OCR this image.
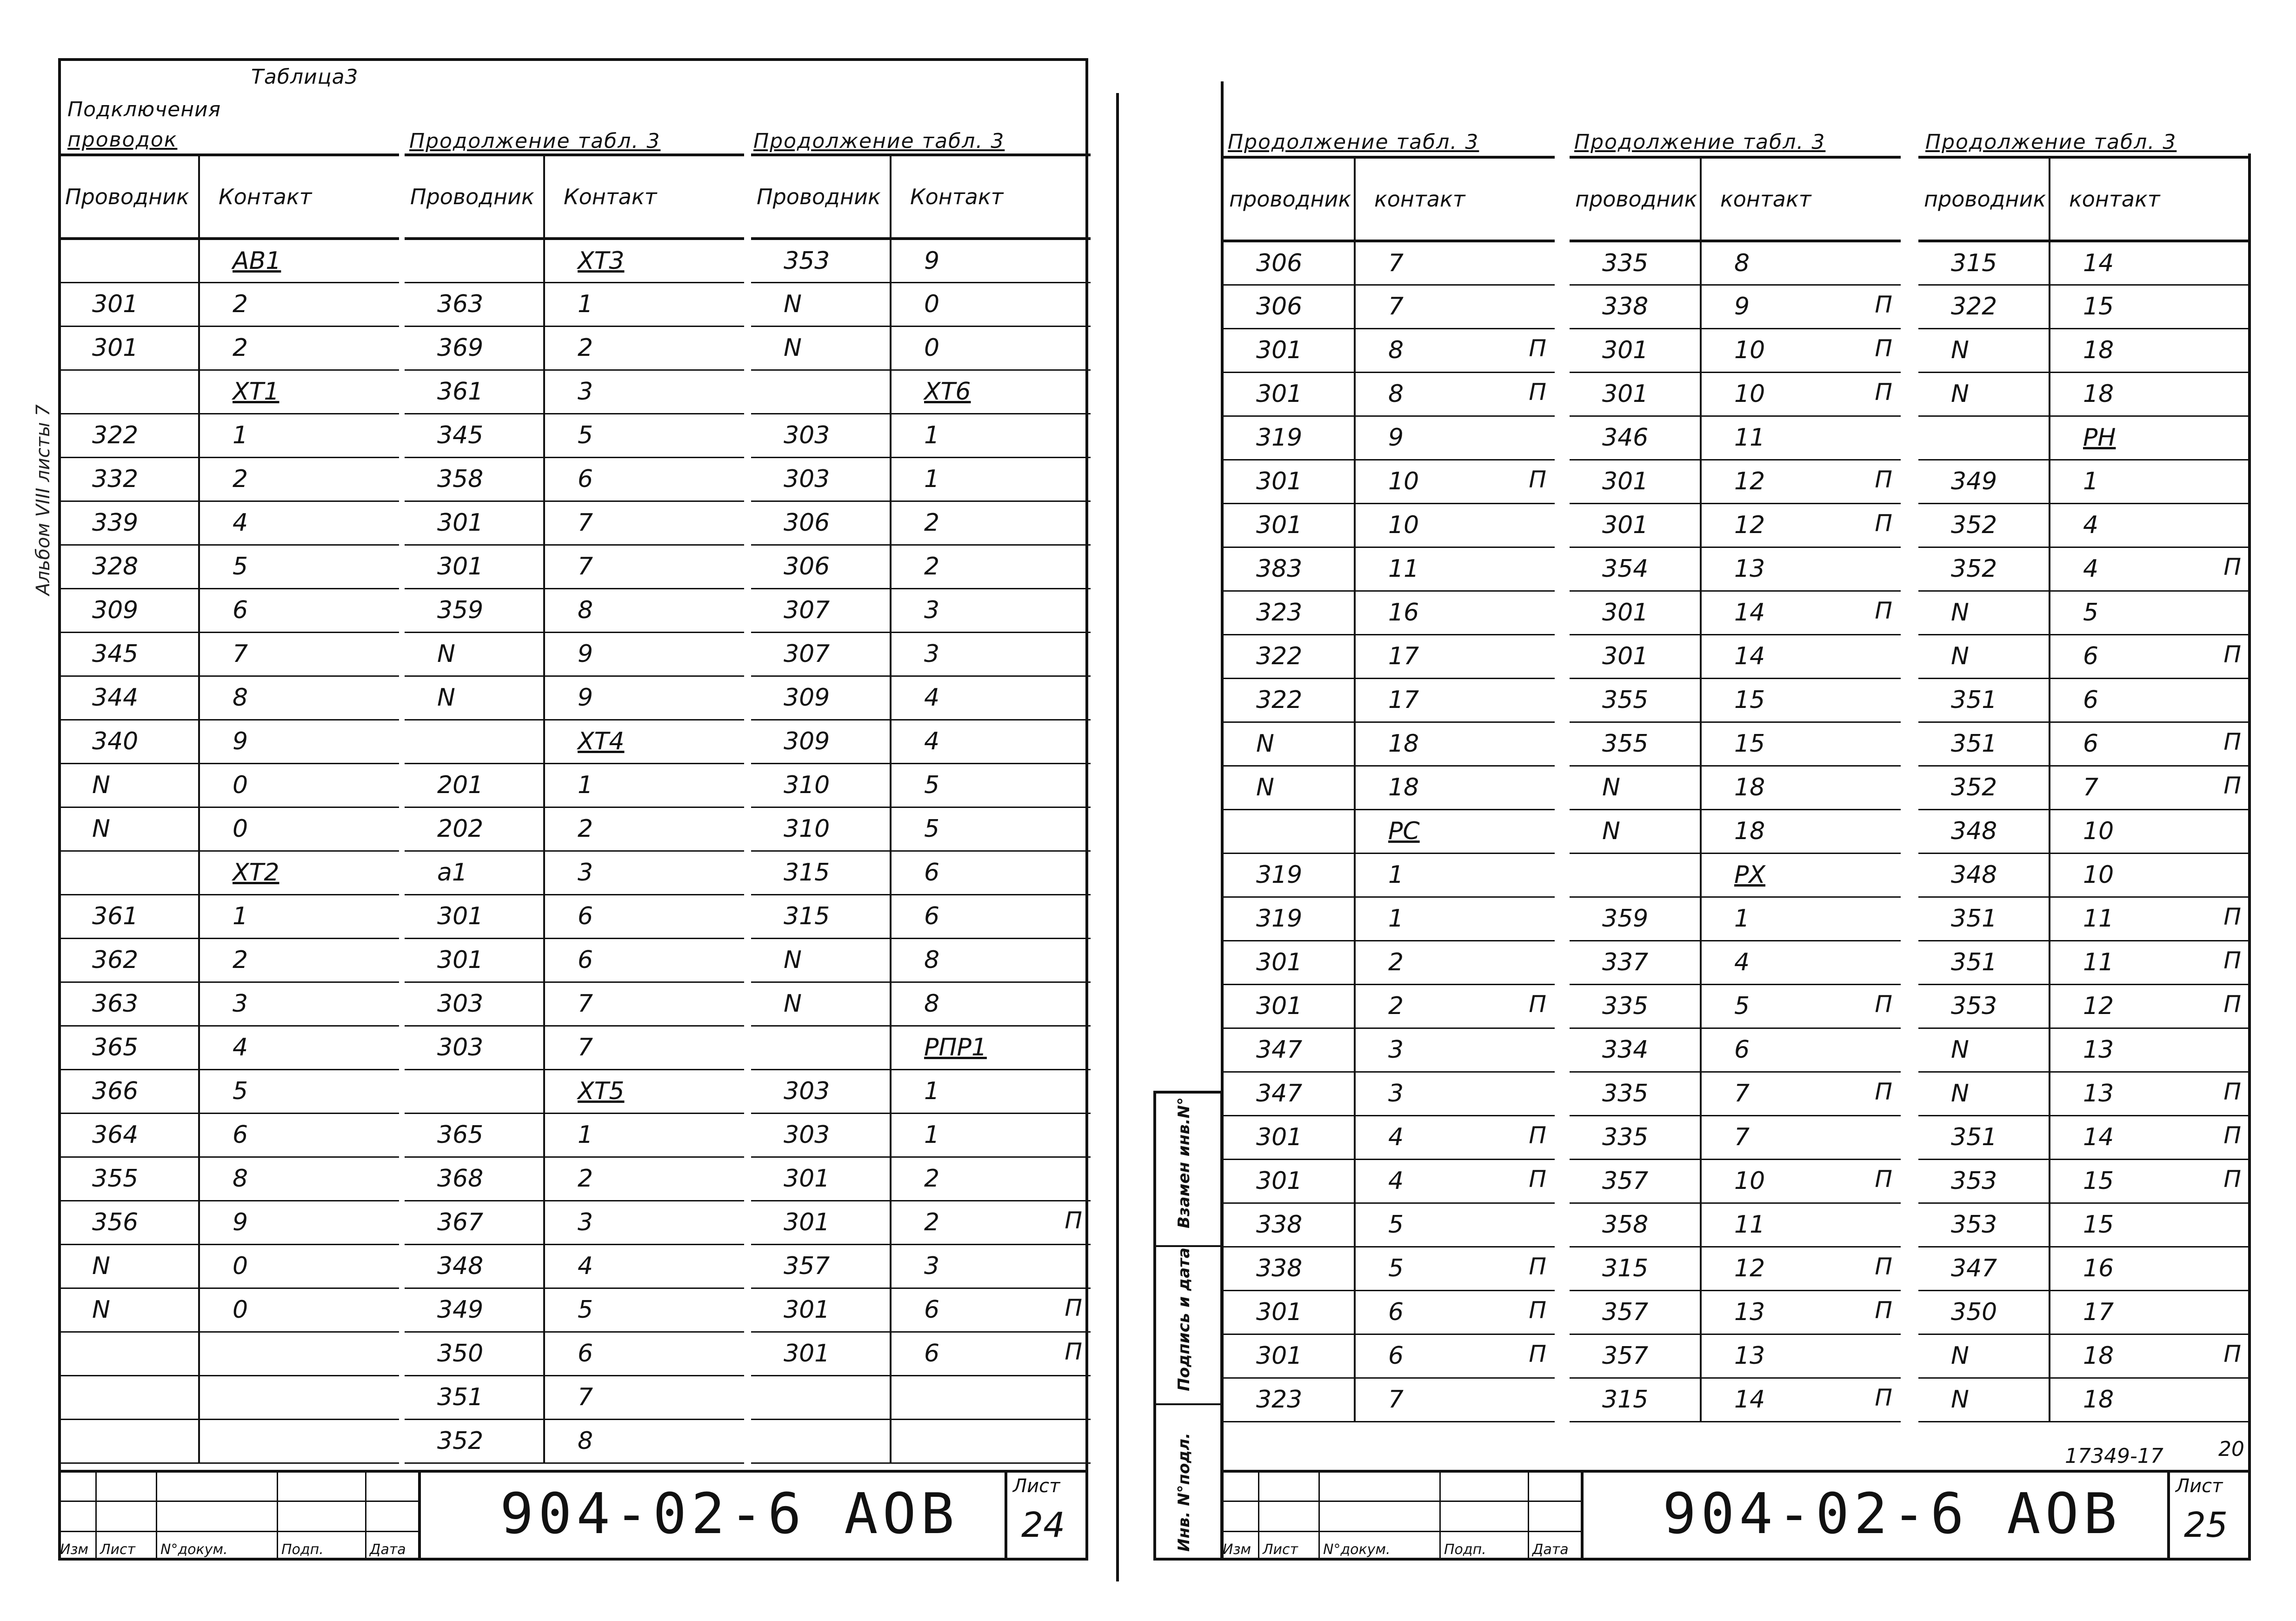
Таблица3
Подключения
проводок	Продолжение табл. 3	Продолжение табл. 3
Альбом VIII листы 7
Проводник	Контакт
	АВ1
301	2
301	2
	XT1
322	1
332	2
339	4
328	5
309	6
345	7
344	8
340	9
N	0
N	0
	XT2
361	1
362	2
363	3
365	4
366	5
364	6
355	8
356	9
N	0
N	0

Проводник	Контакт
	XT3
363	1
369	2
361	3
345	5
358	6
301	7
301	7
359	8
N	9
N	9
	XT4
201	1
202	2
a1	3
301	6
301	6
303	7
303	7
	XT5
365	1
368	2
367	3
348	4
349	5
350	6
351	7
352	8
Проводник	Контакт
353	9
N	0
N	0
	XT6
303	1
303	1
306	2
306	2
307	3
307	3
309	4
309	4
310	5
310	5
315	6
315	6
N	8
N	8
	РПР1
303	1
303	1
301	2
301	2 П

357	3
301	6 П

301	6 П

Изм Лист N°докум.	Подп.	Дата
904-02-6 АОВ	Лист
24
Продолжение табл. 3	Продолжение табл. 3	Продолжение табл. 3
проводник	контакт
306	7
306	7
301	8 П

301	8 П

319	9
301	10 П

301	10
383	11
323	16
322	17
322	17
N	18
N	18
	РС
319	1
319	1
301	2
301	2 П

347	3
347	3
301	4 П

301	4 П

338	5
338	5 П

301	6 П

301	6 П

323	7
проводник	контакт
335	8
338	9 П

301	10 П

301	10 П

346	11
301	12 П

301	12 П

354	13
301	14 П

301	14
355	15
355	15
N	18
N	18
	РХ
359	1
337	4
335	5 П

334	6
335	7 П

335	7
357	10 П

358	11
315	12 П

357	13 П

357	13
315	14 П
проводник	контакт
315	14
322	15
N	18
N	18
	РН
349	1
352	4
352	4 П

N	5
N	6 П

351	6
351	6 П

352	7 П

348	10
348	10
351	11 П

351	11 П

353	12 П

N	13
N	13 П

351	14 П

353	15 П

353	15
347	16
350	17
N	18 П

N	18
17349-17	20
Взамен инв.N°
Подпись и дата
Инв. N°подл. Изм Лист N°докум.	Подп.	Дата
904-02-6 АОВ	Лист
25
